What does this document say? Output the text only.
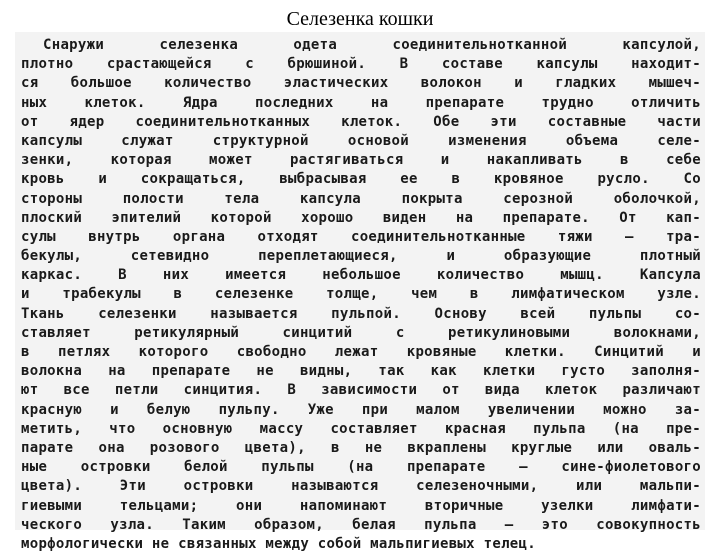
Селезенка кошки
Снаружи селезенка одета соединительнотканной капсулой,
плотно срастающейся с брюшиной. В составе капсулы находит-
ся большое количество эластических волокон и гладких мышеч-
ных клеток. Ядра последних на препарате трудно отличить
от ядер соединительнотканных клеток. Обе эти составные части
капсулы служат структурной основой изменения объема селе-
зенки, которая может растягиваться и накапливать в себе
кровь и сокращаться, выбрасывая ее в кровяное русло. Со
стороны полости тела капсула покрыта серозной оболочкой,
плоский эпителий которой хорошо виден на препарате. От кап-
сулы внутрь органа отходят соединительнотканные тяжи — тра-
бекулы, сетевидно переплетающиеся, и образующие плотный
каркас. В них имеется небольшое количество мышц. Капсула
и трабекулы в селезенке толще, чем в лимфатическом узле.
Ткань селезенки называется пульпой. Основу всей пульпы со-
ставляет ретикулярный синцитий с ретикулиновыми волокнами,
в петлях которого свободно лежат кровяные клетки. Синцитий и
волокна на препарате не видны, так как клетки густо заполня-
ют все петли синцития. В зависимости от вида клеток различают
красную и белую пульпу. Уже при малом увеличении можно за-
метить, что основную массу составляет красная пульпа (на пре-
парате она розового цвета), в не вкраплены круглые или оваль-
ные островки белой пульпы (на препарате — сине-фиолетового
цвета). Эти островки называются селезеночными, или мальпи-
гиевыми тельцами; они напоминают вторичные узелки лимфати-
ческого узла. Таким образом, белая пульпа — это совокупность
морфологически не связанных между собой мальпигиевых телец.
